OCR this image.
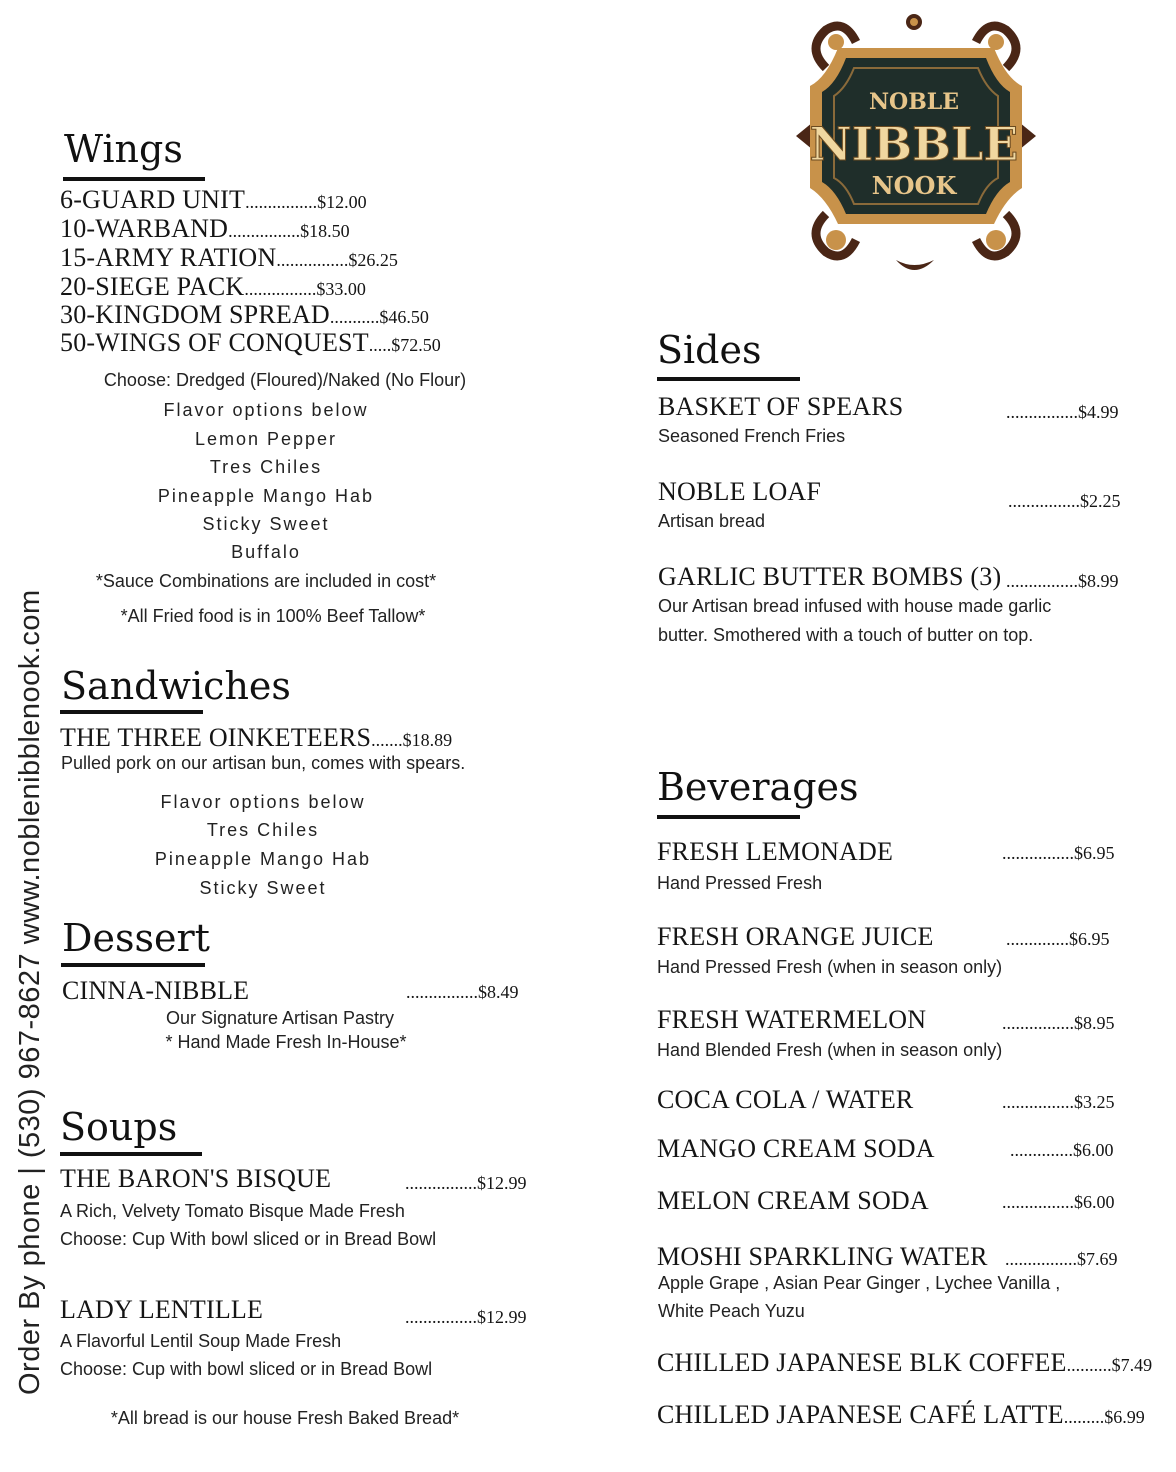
NOBLE
NIBBLE
NOOK
Order By phone | (530) 967-8627 www.noblenibblenook.com
Wings
6-GUARD UNIT................$12.00
10-WARBAND................$18.50
15-ARMY RATION................$26.25
20-SIEGE PACK................$33.00
30-KINGDOM SPREAD...........$46.50
50-WINGS OF CONQUEST.....$72.50
Choose: Dredged (Floured)/Naked (No Flour)
Flavor options below
Lemon Pepper
Tres Chiles
Pineapple Mango Hab
Sticky Sweet
Buffalo
*Sauce Combinations are included in cost*
*All Fried food is in 100% Beef Tallow*
Sandwiches
THE THREE OINKETEERS.......$18.89
Pulled pork on our artisan bun, comes with spears.
Flavor options below
Tres Chiles
Pineapple Mango Hab
Sticky Sweet
Dessert
CINNA-NIBBLE	................$8.49
Our Signature Artisan Pastry
* Hand Made Fresh In-House*
Soups
THE BARON'S BISQUE	................$12.99
A Rich, Velvety Tomato Bisque Made Fresh
Choose: Cup With bowl sliced or in Bread Bowl
LADY LENTILLE	................$12.99
A Flavorful Lentil Soup Made Fresh
Choose: Cup with bowl sliced or in Bread Bowl
*All bread is our house Fresh Baked Bread*
Sides
BASKET OF SPEARS	................$4.99
Seasoned French Fries
NOBLE LOAF	................$2.25
Artisan bread
GARLIC BUTTER BOMBS (3) ................$8.99
Our Artisan bread infused with house made garlic
butter. Smothered with a touch of butter on top.
Beverages
FRESH LEMONADE	................$6.95
Hand Pressed Fresh
FRESH ORANGE JUICE	..............$6.95
Hand Pressed Fresh (when in season only)
FRESH WATERMELON	................$8.95
Hand Blended Fresh (when in season only)
COCA COLA / WATER	................$3.25
MANGO CREAM SODA	..............$6.00
MELON CREAM SODA	................$6.00
MOSHI SPARKLING WATER ................$7.69
Apple Grape , Asian Pear Ginger , Lychee Vanilla ,
White Peach Yuzu
CHILLED JAPANESE BLK COFFEE..........$7.49
CHILLED JAPANESE CAFÉ LATTE.........$6.99
